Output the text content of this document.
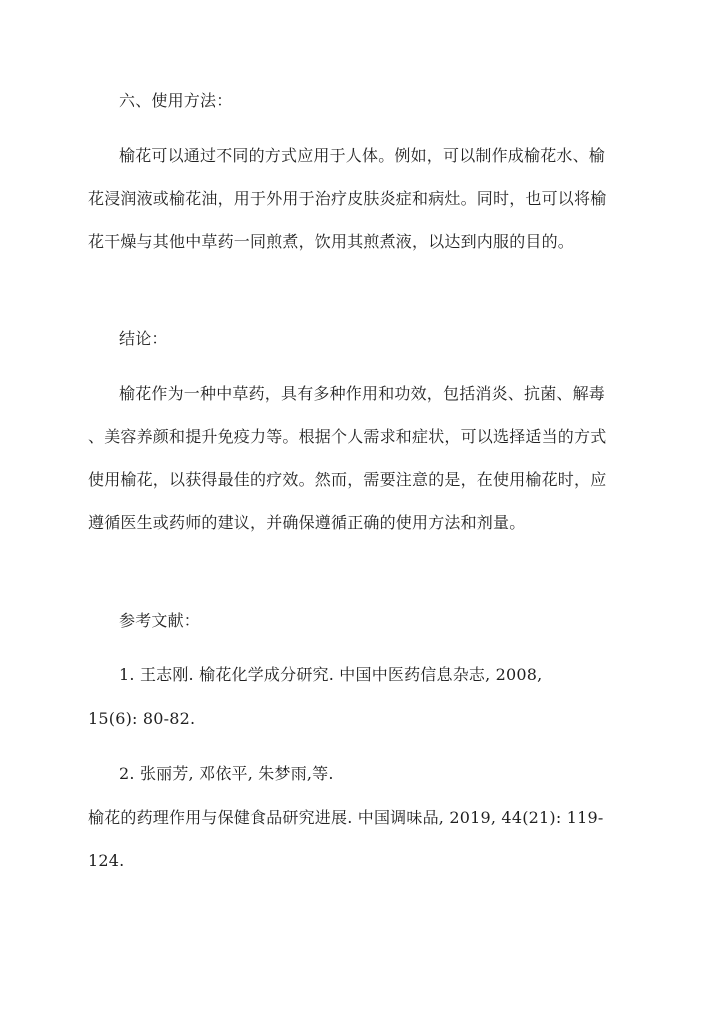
六、使用方法：
榆花可以通过不同的方式应用于人体。例如，可以制作成榆花水、榆
花浸润液或榆花油，用于外用于治疗皮肤炎症和病灶。同时，也可以将榆
花干燥与其他中草药一同煎煮，饮用其煎煮液，以达到内服的目的。
结论：
榆花作为一种中草药，具有多种作用和功效，包括消炎、抗菌、解毒
、美容养颜和提升免疫力等。根据个人需求和症状，可以选择适当的方式
使用榆花，以获得最佳的疗效。然而，需要注意的是，在使用榆花时，应
遵循医生或药师的建议，并确保遵循正确的使用方法和剂量。
参考文献：
1. 王志刚. 榆花化学成分研究. 中国中医药信息杂志, 2008,
15(6): 80-82.
2. 张丽芳, 邓依平, 朱梦雨,等.
榆花的药理作用与保健食品研究进展. 中国调味品, 2019, 44(21): 119-
124.
